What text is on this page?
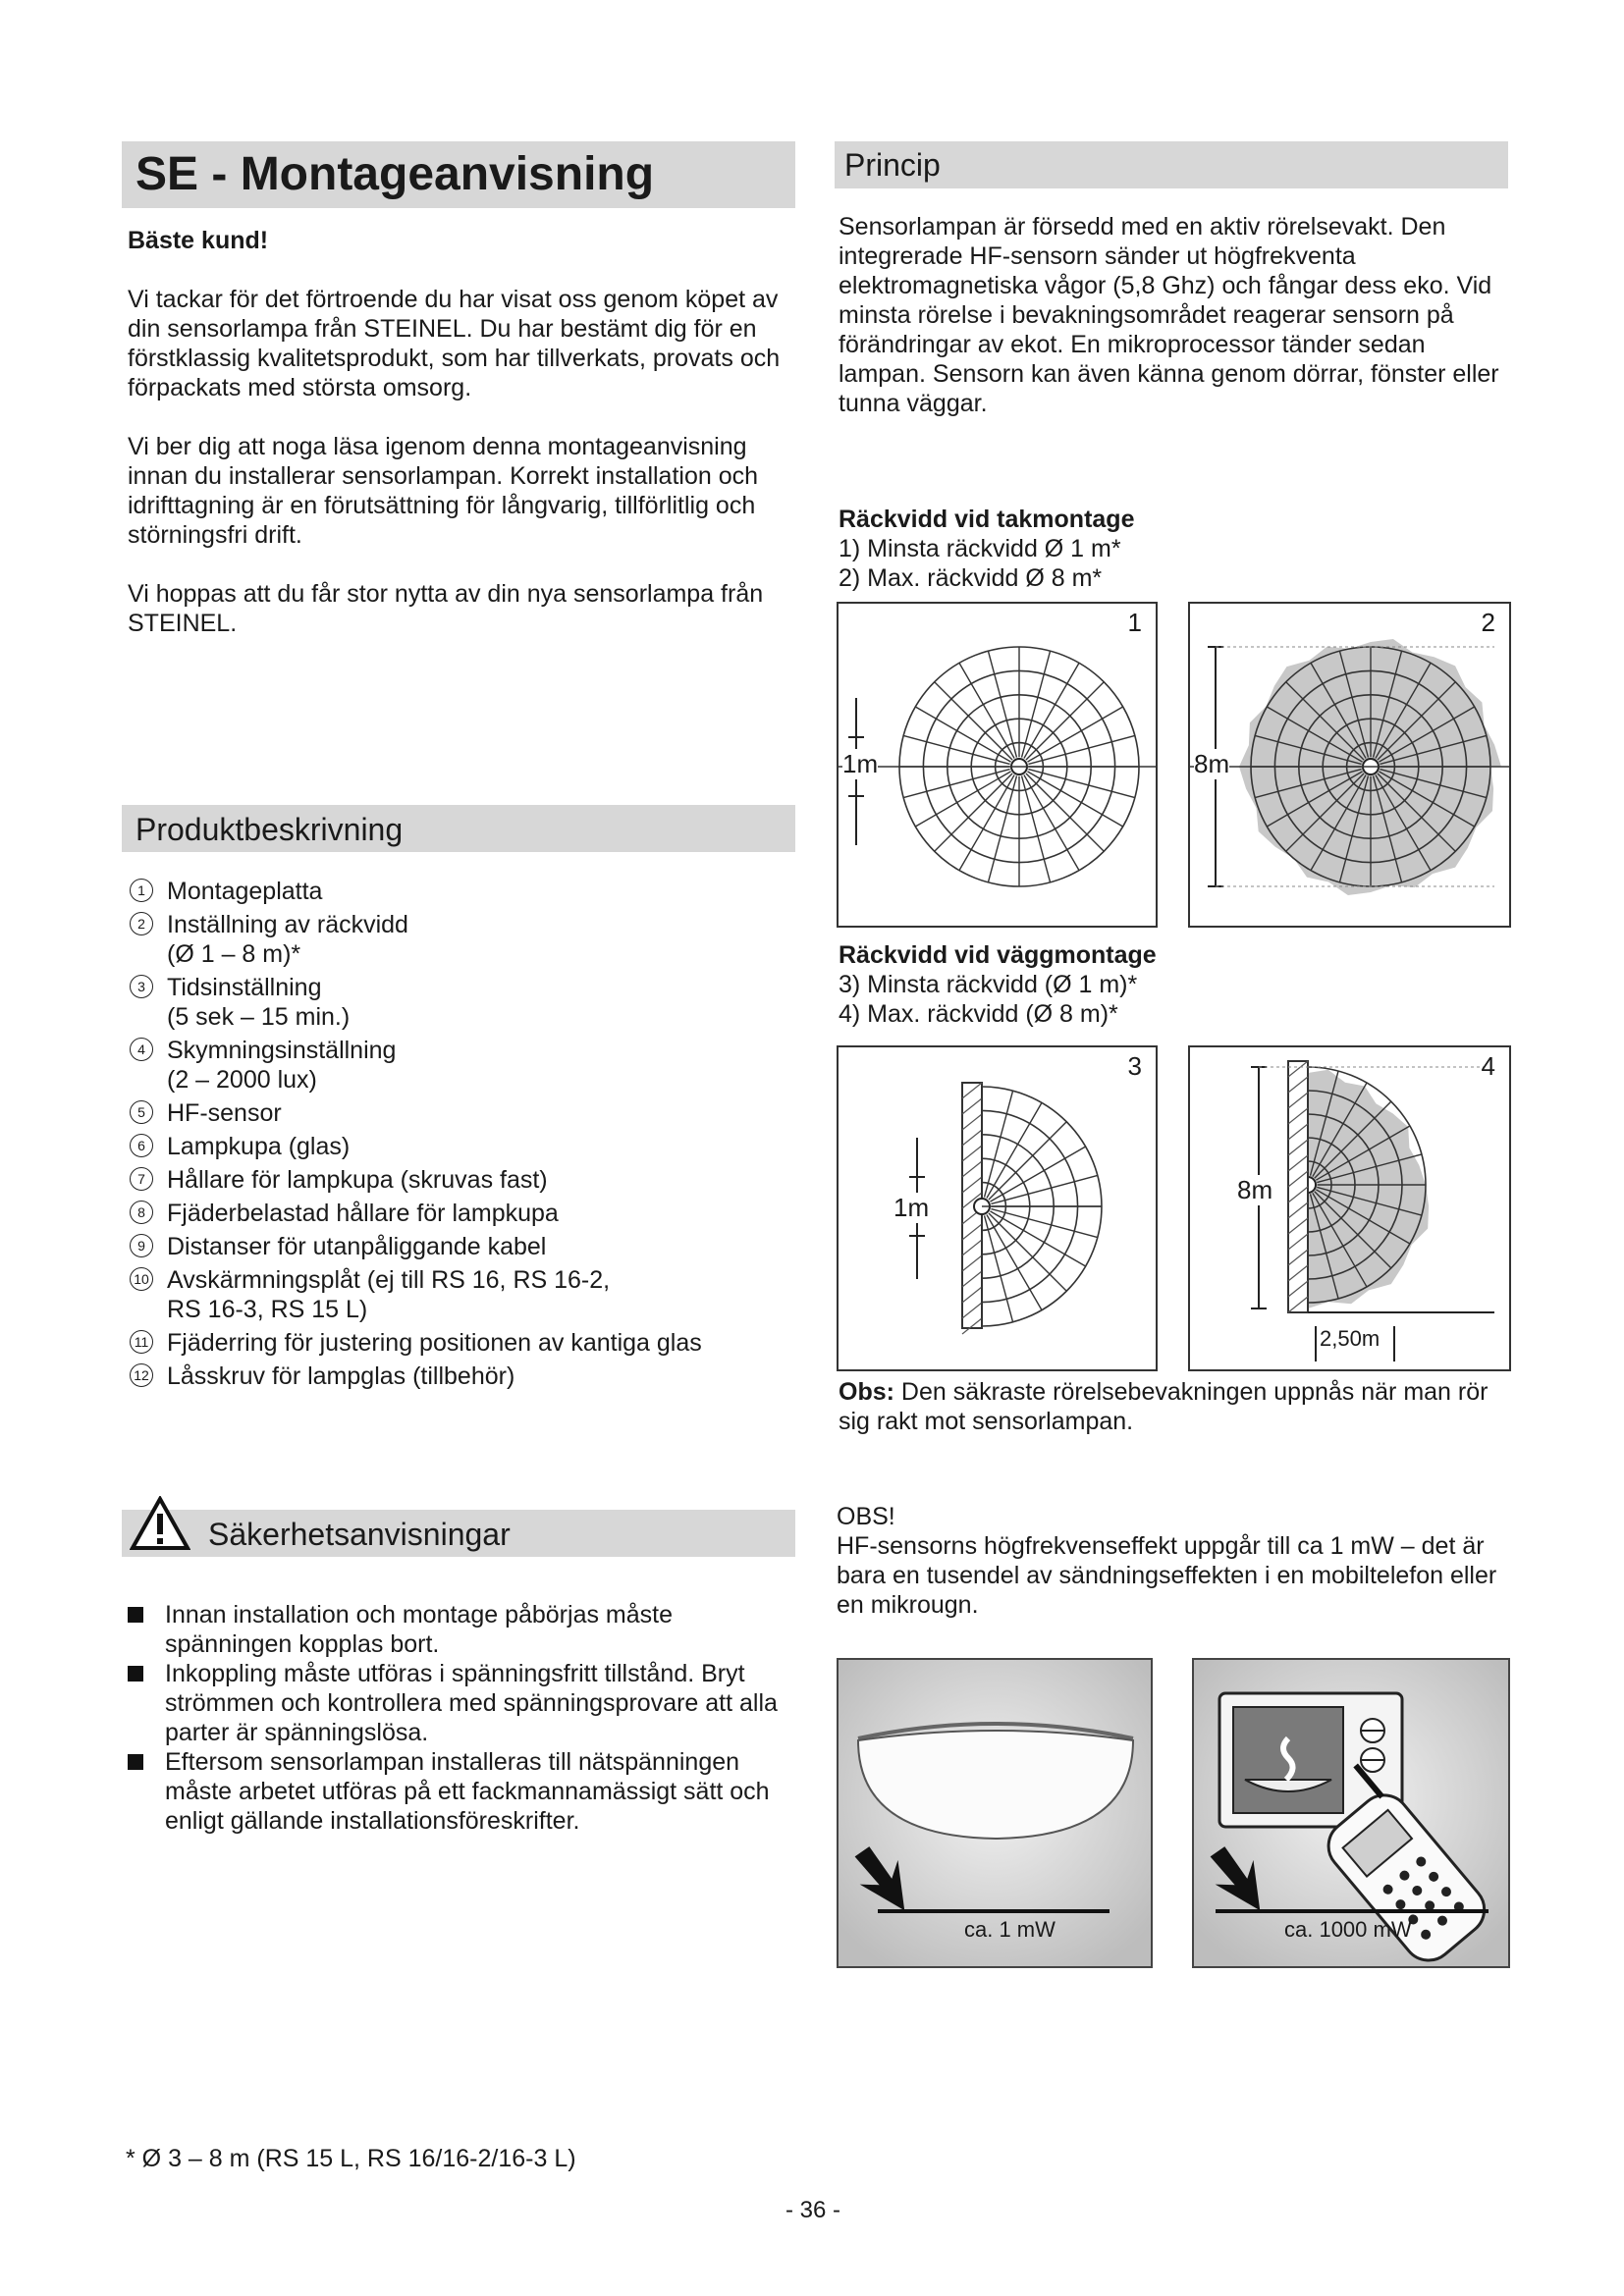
SE - Montageanvisning

Bäste kund!

Vi tackar för det förtroende du har visat oss genom köpet av din sensorlampa från STEINEL. Du har bestämt dig för en förstklassig kvalitetsprodukt, som har tillverkats, provats och förpackats med största omsorg.

Vi ber dig att noga läsa igenom denna montageanvisning innan du installerar sensorlampan. Korrekt installation och idrifttagning är en förutsättning för långvarig, tillförlitlig och störningsfri drift.

Vi hoppas att du får stor nytta av din nya sensorlampa från STEINEL.

Produktbeskrivning
1 Montageplatta
2 Inställning av räckvidd
(Ø 1 – 8 m)*
3 Tidsinställning
(5 sek – 15 min.)
4 Skymningsinställning
(2 – 2000 lux)
5 HF-sensor
6 Lampkupa (glas)
7 Hållare för lampkupa (skruvas fast)
8 Fjäderbelastad hållare för lampkupa
9 Distanser för utanpåliggande kabel
10 Avskärmningsplåt (ej till RS 16, RS 16-2,
RS 16-3, RS 15 L)
11 Fjäderring för justering positionen av kantiga glas
12 Låsskruv för lampglas (tillbehör)
Säkerhetsanvisningar
Innan installation och montage påbörjas måste spänningen kopplas bort.
Inkoppling måste utföras i spänningsfritt tillstånd. Bryt strömmen och kontrollera med spänningsprovare att alla parter är spänningslösa.
Eftersom sensorlampan installeras till nätspänningen måste arbetet utföras på ett fackmannamässigt sätt och enligt gällande installationsföreskrifter.
* Ø 3 – 8 m (RS 15 L, RS 16/16-2/16-3 L)
- 36 -
Princip
Sensorlampan är försedd med en aktiv rörelsevakt. Den integrerade HF-sensorn sänder ut högfrekventa elektromagnetiska vågor (5,8 Ghz) och fångar dess eko. Vid minsta rörelse i bevakningsområdet reagerar sensorn på förändringar av ekot. En mikroprocessor tänder sedan lampan. Sensorn kan även känna genom dörrar, fönster eller tunna väggar.
Räckvidd vid takmontage
1) Minsta räckvidd Ø 1 m*
2) Max. räckvidd Ø 8 m*
1
1m
2
8m
Räckvidd vid väggmontage
3) Minsta räckvidd (Ø 1 m)*
4) Max. räckvidd (Ø 8 m)*
3
1m
4
8m
2,50m
Obs: Den säkraste rörelsebevakningen uppnås när man rör sig rakt mot sensorlampan.
OBS!
HF-sensorns högfrekvenseffekt uppgår till ca 1 mW – det är bara en tusendel av sändningseffekten i en mobiltelefon eller en mikrougn.
ca. 1 mW	ca. 1000 mW
